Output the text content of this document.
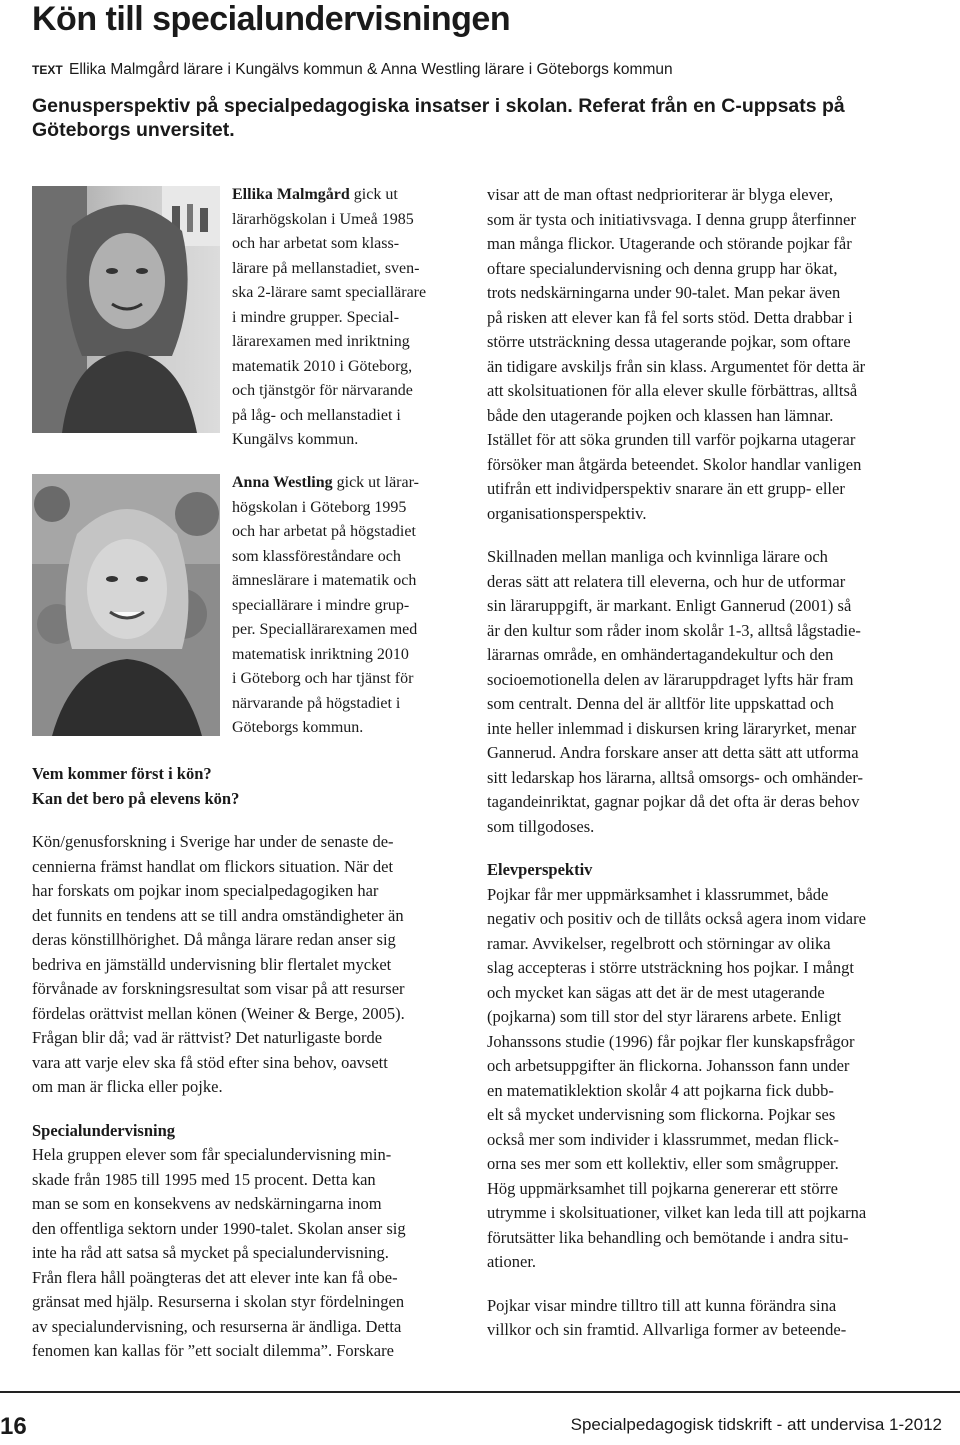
Kön till specialundervisningen
TEXT Ellika Malmgård lärare i Kungälvs kommun & Anna Westling lärare i Göteborgs kommun
Genusperspektiv på specialpedagogiska insatser i skolan. Referat från en C-uppsats på
Göteborgs unversitet.
Ellika Malmgård gick ut
lärarhögskolan i Umeå 1985
och har arbetat som klass-
lärare på mellanstadiet, sven-
ska 2-lärare samt speciallärare
i mindre grupper. Special-
lärarexamen med inriktning
matematik 2010 i Göteborg,
och tjänstgör för närvarande
på låg- och mellanstadiet i
Kungälvs kommun.
Anna Westling gick ut lärar-
högskolan i Göteborg 1995
och har arbetat på högstadiet
som klassföreståndare och
ämneslärare i matematik och
speciallärare i mindre grup-
per. Speciallärarexamen med
matematisk inriktning 2010
i Göteborg och har tjänst för
närvarande på högstadiet i
Göteborgs kommun.
Vem kommer först i kön?
Kan det bero på elevens kön?
Kön/genusforskning i Sverige har under de senaste de-
cennierna främst handlat om flickors situation. När det
har forskats om pojkar inom specialpedagogiken har
det funnits en tendens att se till andra omständigheter än
deras könstillhörighet. Då många lärare redan anser sig
bedriva en jämställd undervisning blir flertalet mycket
förvånade av forskningsresultat som visar på att resurser
fördelas orättvist mellan könen (Weiner & Berge, 2005).
Frågan blir då; vad är rättvist? Det naturligaste borde
vara att varje elev ska få stöd efter sina behov, oavsett
om man är flicka eller pojke.
Specialundervisning
Hela gruppen elever som får specialundervisning min-
skade från 1985 till 1995 med 15 procent. Detta kan
man se som en konsekvens av nedskärningarna inom
den offentliga sektorn under 1990-talet. Skolan anser sig
inte ha råd att satsa så mycket på specialundervisning.
Från flera håll poängteras det att elever inte kan få obe-
gränsat med hjälp. Resurserna i skolan styr fördelningen
av specialundervisning, och resurserna är ändliga. Detta
fenomen kan kallas för ”ett socialt dilemma”. Forskare
visar att de man oftast nedprioriterar är blyga elever,
som är tysta och initiativsvaga. I denna grupp återfinner
man många flickor. Utagerande och störande pojkar får
oftare specialundervisning och denna grupp har ökat,
trots nedskärningarna under 90-talet. Man pekar även
på risken att elever kan få fel sorts stöd. Detta drabbar i
större utsträckning dessa utagerande pojkar, som oftare
än tidigare avskiljs från sin klass. Argumentet för detta är
att skolsituationen för alla elever skulle förbättras, alltså
både den utagerande pojken och klassen han lämnar.
Istället för att söka grunden till varför pojkarna utagerar
försöker man åtgärda beteendet. Skolor handlar vanligen
utifrån ett individperspektiv snarare än ett grupp- eller
organisationsperspektiv.
Skillnaden mellan manliga och kvinnliga lärare och
deras sätt att relatera till eleverna, och hur de utformar
sin läraruppgift, är markant. Enligt Gannerud (2001) så
är den kultur som råder inom skolår 1-3, alltså lågstadie-
lärarnas område, en omhändertagandekultur och den
socioemotionella delen av läraruppdraget lyfts här fram
som centralt. Denna del är alltför lite uppskattad och
inte heller inlemmad i diskursen kring läraryrket, menar
Gannerud. Andra forskare anser att detta sätt att utforma
sitt ledarskap hos lärarna, alltså omsorgs- och omhänder-
tagandeinriktat, gagnar pojkar då det ofta är deras behov
som tillgodoses.
Elevperspektiv
Pojkar får mer uppmärksamhet i klassrummet, både
negativ och positiv och de tillåts också agera inom vidare
ramar. Avvikelser, regelbrott och störningar av olika
slag accepteras i större utsträckning hos pojkar. I mångt
och mycket kan sägas att det är de mest utagerande
(pojkarna) som till stor del styr lärarens arbete. Enligt
Johanssons studie (1996) får pojkar fler kunskapsfrågor
och arbetsuppgifter än flickorna. Johansson fann under
en matematiklektion skolår 4 att pojkarna fick dubb-
elt så mycket undervisning som flickorna. Pojkar ses
också mer som individer i klassrummet, medan flick-
orna ses mer som ett kollektiv, eller som smågrupper.
Hög uppmärksamhet till pojkarna genererar ett större
utrymme i skolsituationer, vilket kan leda till att pojkarna
förutsätter lika behandling och bemötande i andra situ-
ationer.
Pojkar visar mindre tilltro till att kunna förändra sina
villkor och sin framtid. Allvarliga former av beteende-
16	Specialpedagogisk tidskrift - att undervisa 1-2012
